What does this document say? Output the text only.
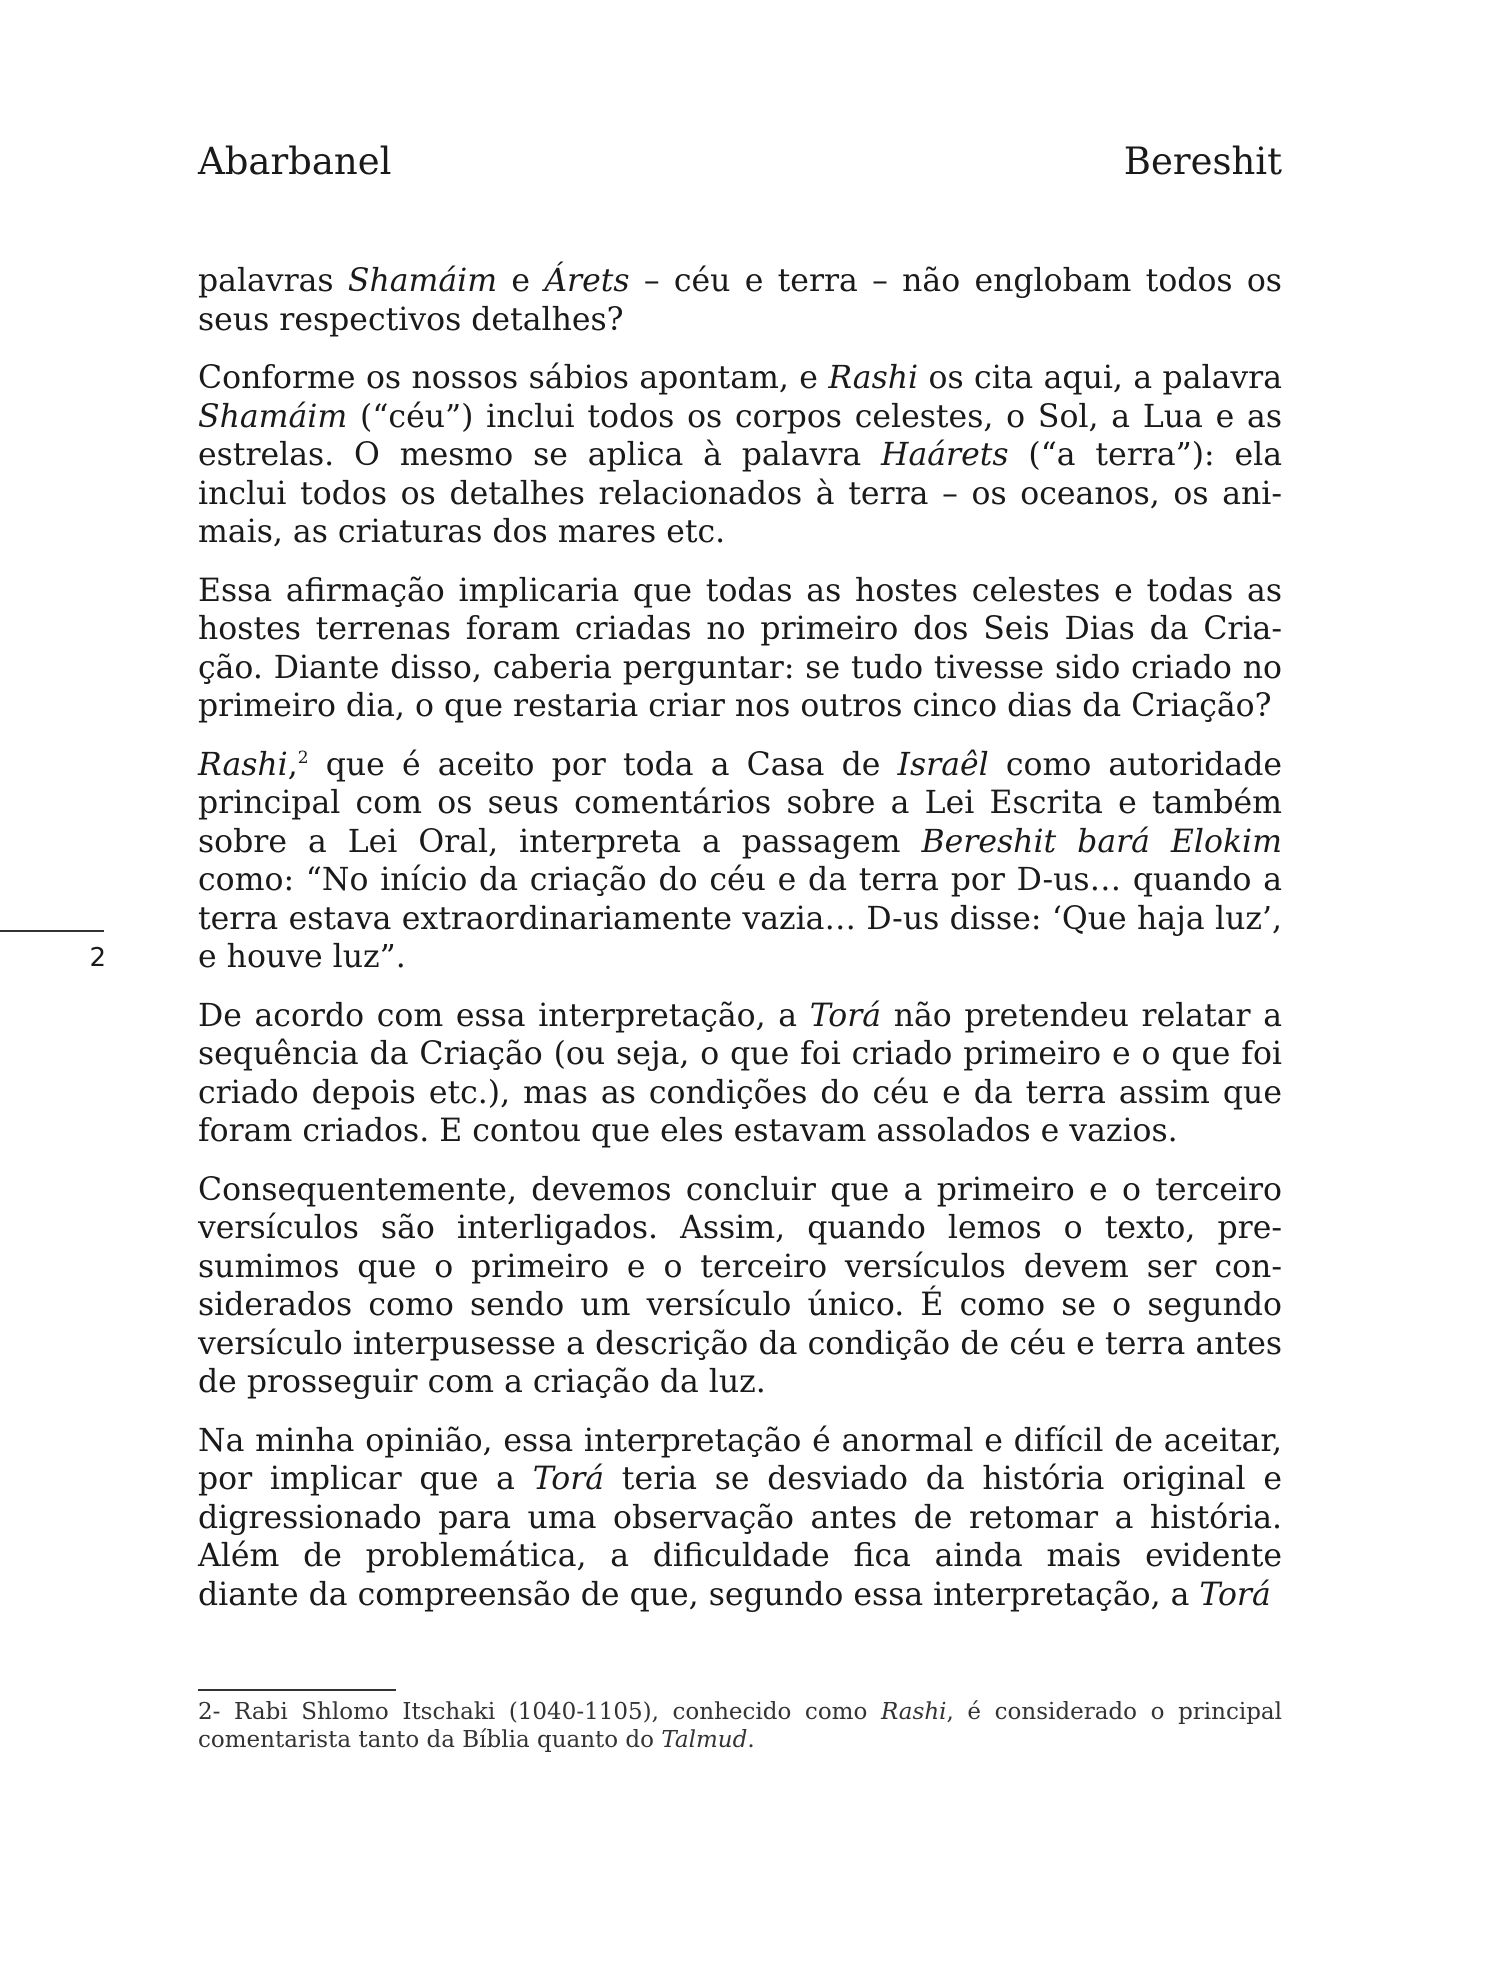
Abarbanel	Bereshit
2

palavras Shamáim e Árets – céu e terra – não englobam todos os seus respectivos detalhes?

Conforme os nossos sábios apontam, e Rashi os cita aqui, a palavra Shamáim (“céu”) inclui todos os corpos celestes, o Sol, a Lua e as estrelas. O mesmo se aplica à palavra Haárets (“a terra”): ela inclui todos os detalhes relacionados à terra – os oceanos, os animais, as criaturas dos mares etc.

Essa afirmação implicaria que todas as hostes celestes e todas as hostes terrenas foram criadas no primeiro dos Seis Dias da Criação. Diante disso, caberia perguntar: se tudo tivesse sido criado no primeiro dia, o que restaria criar nos outros cinco dias da Criação?

Rashi,$^2$ que é aceito por toda a Casa de Israêl como autoridade principal com os seus comentários sobre a Lei Escrita e também sobre a Lei Oral, interpreta a passagem Bereshit bará Elokim como: “No início da criação do céu e da terra por D-us… quando a terra estava extraordinariamente vazia… D-us disse: ‘Que haja luz’, e houve luz”.

De acordo com essa interpretação, a Torá não pretendeu relatar a sequência da Criação (ou seja, o que foi criado primeiro e o que foi criado depois etc.), mas as condições do céu e da terra assim que foram criados. E contou que eles estavam assolados e vazios.

Consequentemente, devemos concluir que a primeiro e o terceiro versículos são interligados. Assim, quando lemos o texto, presumimos que o primeiro e o terceiro versículos devem ser considerados como sendo um versículo único. É como se o segundo versículo interpusesse a descrição da condição de céu e terra antes de prosseguir com a criação da luz.

Na minha opinião, essa interpretação é anormal e difícil de aceitar, por implicar que a Torá teria se desviado da história original e digressionado para uma observação antes de retomar a história. Além de problemática, a dificuldade fica ainda mais evidente diante da compreensão de que, segundo essa interpretação, a Torá

2- Rabi Shlomo Itschaki (1040-1105), conhecido como Rashi, é considerado o principal comentarista tanto da Bíblia quanto do Talmud.
